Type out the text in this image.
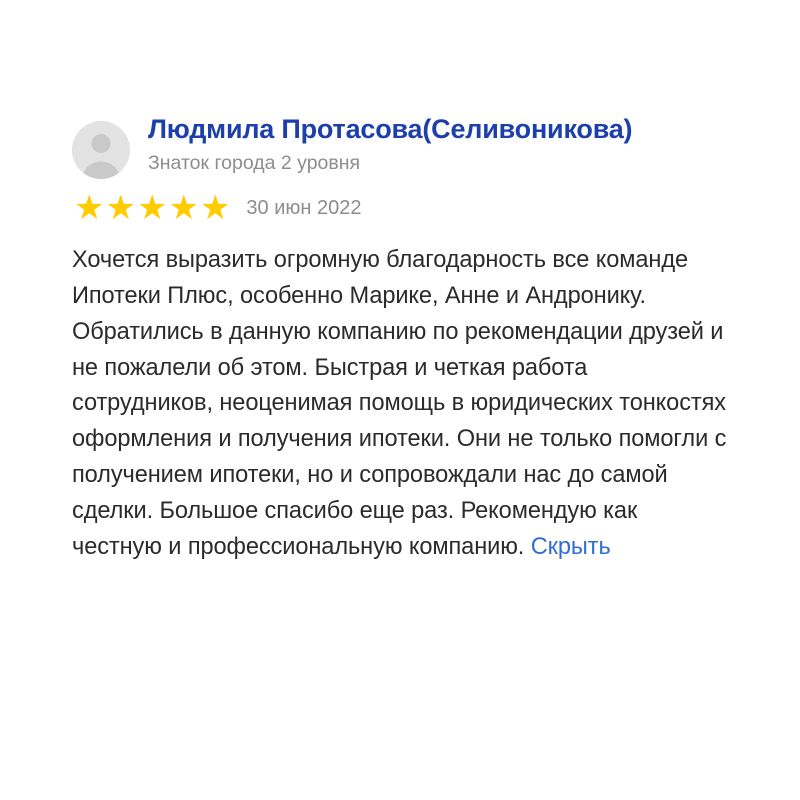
Людмила Протасова(Селивоникова)
Знаток города 2 уровня
★ ★ ★ ★ ★ 30 июн 2022
Хочется выразить огромную благодарность все команде Ипотеки Плюс, особенно Марике, Анне и Андронику. Обратились в данную компанию по рекомендации друзей и не пожалели об этом. Быстрая и четкая работа сотрудников, неоценимая помощь в юридических тонкостях оформления и получения ипотеки. Они не только помогли с получением ипотеки, но и сопровождали нас до самой сделки. Большое спасибо еще раз. Рекомендую как честную и профессиональную компанию. Скрыть
